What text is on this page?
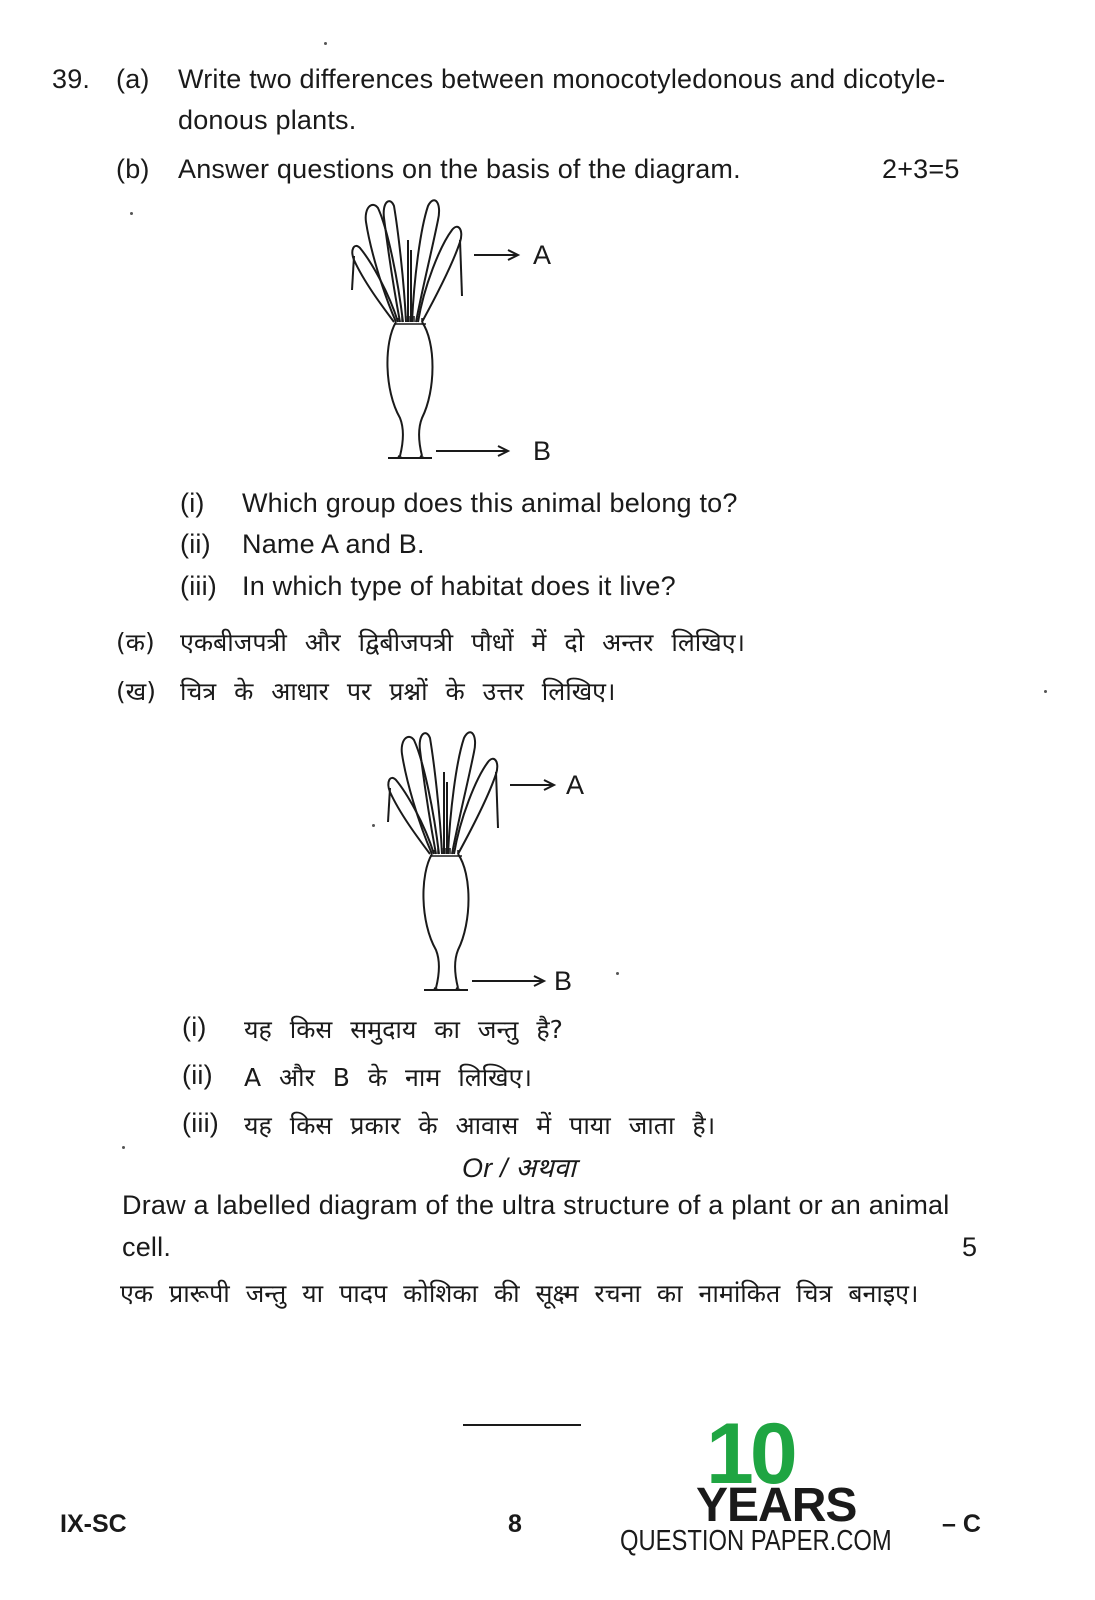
39. (a) Write two differences between monocotyledonous and dicotyle-
donous plants.
(b) Answer questions on the basis of the diagram.	2+3=5
A
B
(i) Which group does this animal belong to?
(ii) Name A and B.
(iii) In which type of habitat does it live?
(क) एकबीजपत्री और द्विबीजपत्री पौधों में दो अन्तर लिखिए।
(ख) चित्र के आधार पर प्रश्नों के उत्तर लिखिए।
A
B
(i) यह किस समुदाय का जन्तु है?
(ii) A और B के नाम लिखिए।
(iii) यह किस प्रकार के आवास में पाया जाता है।
Or / अथवा
Draw a labelled diagram of the ultra structure of a plant or an animal
cell.	5
एक प्रारूपी जन्तु या पादप कोशिका की सूक्ष्म रचना का नामांकित चित्र बनाइए।
10
YEARS
QUESTION PAPER.COM
IX-SC	8	– C
